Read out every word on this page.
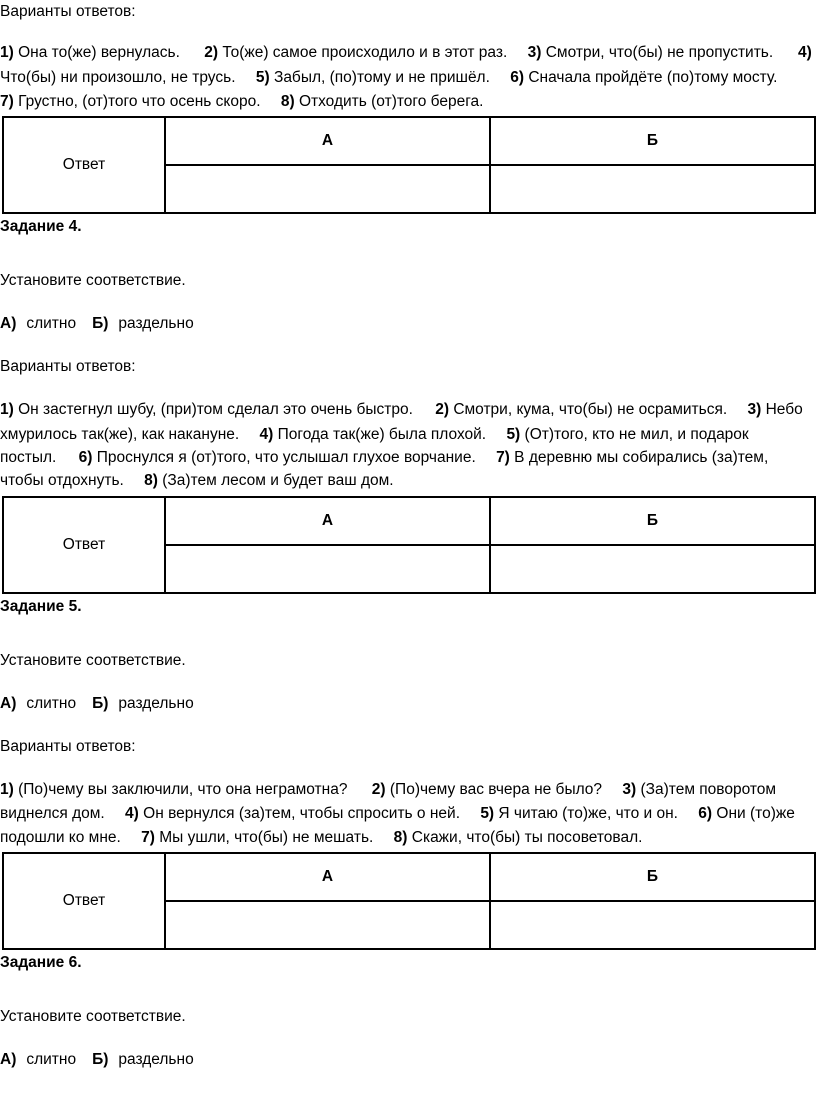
Варианты ответов:
1) Она то(же) вернулась. 2) То(же) самое происходило и в этот раз. 3) Смотри, что(бы) не пропустить. 4)
Что(бы) ни произошло, не трусь. 5) Забыл, (по)тому и не пришёл. 6) Сначала пройдёте (по)тому мосту.
7) Грустно, (от)того что осень скоро. 8) Отходить (от)того берега.
Ответ	А	Б

Задание 4.
Установите соответствие.
А) слитно Б) раздельно
Варианты ответов:
1) Он застегнул шубу, (при)том сделал это очень быстро. 2) Смотри, кума, что(бы) не осрамиться. 3) Небо
хмурилось так(же), как накануне. 4) Погода так(же) была плохой. 5) (От)того, кто не мил, и подарок
постыл. 6) Проснулся я (от)того, что услышал глухое ворчание. 7) В деревню мы собирались (за)тем,
чтобы отдохнуть. 8) (За)тем лесом и будет ваш дом.
Ответ	А	Б

Задание 5.
Установите соответствие.
А) слитно Б) раздельно
Варианты ответов:
1) (По)чему вы заключили, что она неграмотна? 2) (По)чему вас вчера не было? 3) (За)тем поворотом
виднелся дом. 4) Он вернулся (за)тем, чтобы спросить о ней. 5) Я читаю (то)же, что и он. 6) Они (то)же
подошли ко мне. 7) Мы ушли, что(бы) не мешать. 8) Скажи, что(бы) ты посоветовал.
Ответ	А	Б

Задание 6.
Установите соответствие.
А) слитно Б) раздельно
